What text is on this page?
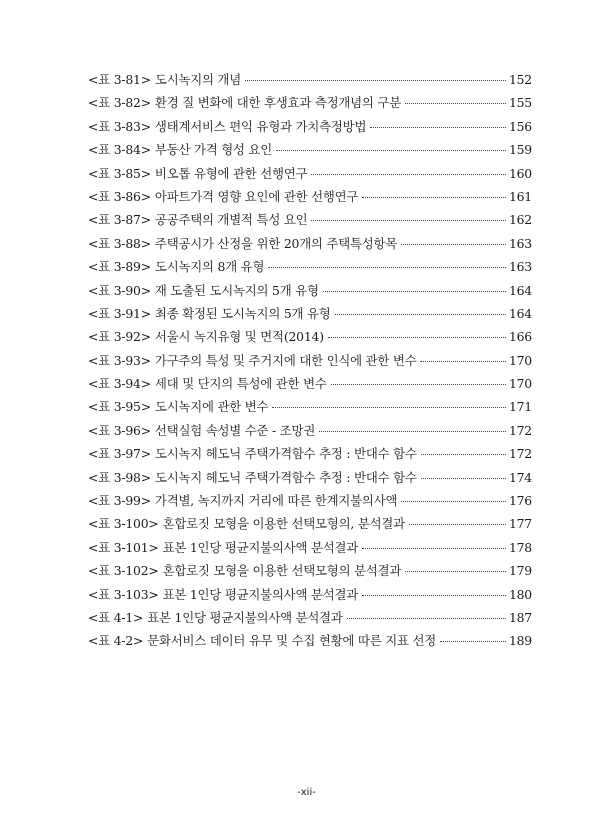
<표 3-81> 도시녹지의 개념	152
<표 3-82> 환경 질 변화에 대한 후생효과 측정개념의 구분	155
<표 3-83> 생태계서비스 편익 유형과 가치측정방법	156
<표 3-84> 부동산 가격 형성 요인	159
<표 3-85> 비오톱 유형에 관한 선행연구	160
<표 3-86> 아파트가격 영향 요인에 관한 선행연구	161
<표 3-87> 공공주택의 개별적 특성 요인	162
<표 3-88> 주택공시가 산정을 위한 20개의 주택특성항목	163
<표 3-89> 도시녹지의 8개 유형	163
<표 3-90> 재 도출된 도시녹지의 5개 유형	164
<표 3-91> 최종 확정된 도시녹지의 5개 유형	164
<표 3-92> 서울시 녹지유형 및 면적(2014)	166
<표 3-93> 가구주의 특성 및 주거지에 대한 인식에 관한 변수	170
<표 3-94> 세대 및 단지의 특성에 관한 변수	170
<표 3-95> 도시녹지에 관한 변수	171
<표 3-96> 선택실험 속성별 수준 - 조망권	172
<표 3-97> 도시녹지 헤도닉 주택가격함수 추정 : 반대수 함수	172
<표 3-98> 도시녹지 헤도닉 주택가격함수 추정 : 반대수 함수	174
<표 3-99> 가격별, 녹지까지 거리에 따른 한계지불의사액	176
<표 3-100> 혼합로짓 모형을 이용한 선택모형의, 분석결과	177
<표 3-101> 표본 1인당 평균지불의사액 분석결과	178
<표 3-102> 혼합로짓 모형을 이용한 선택모형의 분석결과	179
<표 3-103> 표본 1인당 평균지불의사액 분석결과	180
<표 4-1> 표본 1인당 평균지불의사액 분석결과	187
<표 4-2> 문화서비스 데이터 유무 및 수집 현황에 따른 지표 선정	189
-xii-
